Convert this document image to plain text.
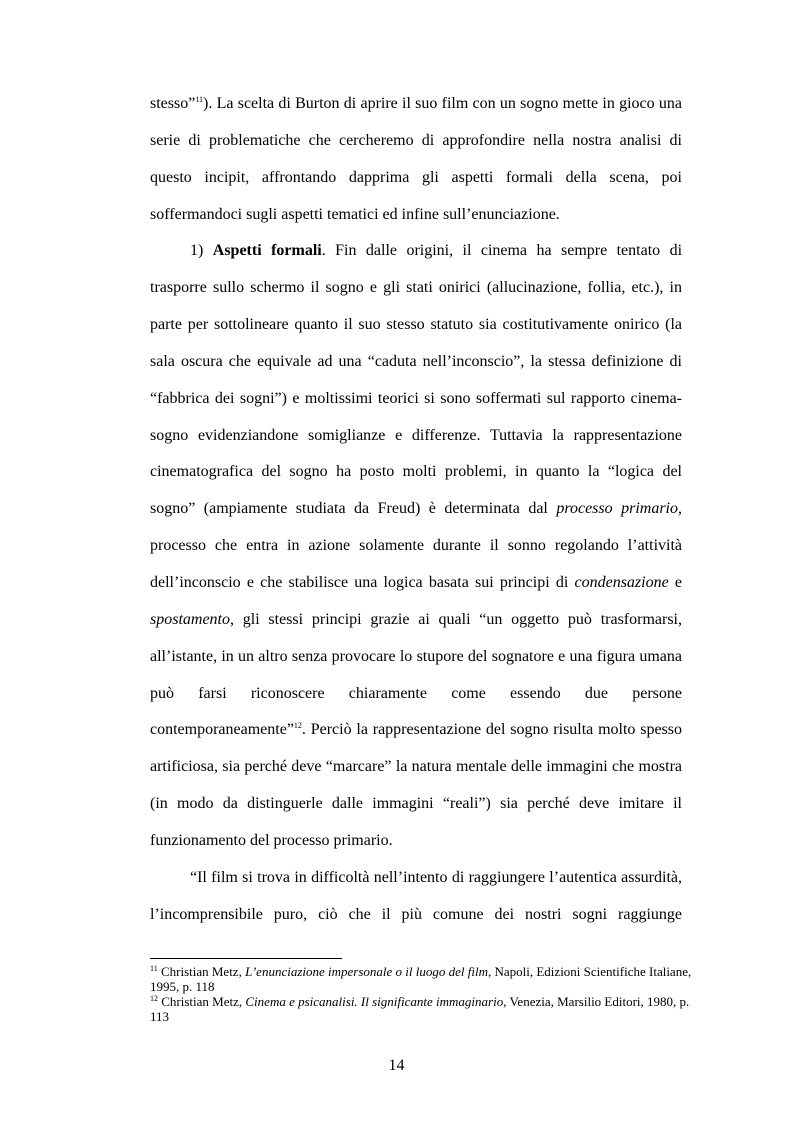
stesso”$^{11}$). La scelta di Burton di aprire il suo film con un sogno mette in gioco una serie di problematiche che cercheremo di approfondire nella nostra analisi di questo incipit, affrontando dapprima gli aspetti formali della scena, poi soffermandoci sugli aspetti tematici ed infine sull’enunciazione.

1) Aspetti formali. Fin dalle origini, il cinema ha sempre tentato di trasporre sullo schermo il sogno e gli stati onirici (allucinazione, follia, etc.), in parte per sottolineare quanto il suo stesso statuto sia costitutivamente onirico (la sala oscura che equivale ad una “caduta nell’inconscio”, la stessa definizione di “fabbrica dei sogni”) e moltissimi teorici si sono soffermati sul rapporto cinema-sogno evidenziandone somiglianze e differenze. Tuttavia la rappresentazione cinematografica del sogno ha posto molti problemi, in quanto la “logica del sogno” (ampiamente studiata da Freud) è determinata dal processo primario, processo che entra in azione solamente durante il sonno regolando l’attività dell’inconscio e che stabilisce una logica basata sui principi di condensazione e spostamento, gli stessi principi grazie ai quali “un oggetto può trasformarsi, all’istante, in un altro senza provocare lo stupore del sognatore e una figura umana può farsi riconoscere chiaramente come essendo due persone contemporaneamente”$^{12}$. Perciò la rappresentazione del sogno risulta molto spesso artificiosa, sia perché deve “marcare” la natura mentale delle immagini che mostra (in modo da distinguerle dalle immagini “reali”) sia perché deve imitare il funzionamento del processo primario.

“Il film si trova in difficoltà nell’intento di raggiungere l’autentica assurdità, l’incomprensibile puro, ciò che il più comune dei nostri sogni raggiunge

$^{11}$ Christian Metz, L’enunciazione impersonale o il luogo del film, Napoli, Edizioni Scientifiche Italiane, 1995, p. 118

$^{12}$ Christian Metz, Cinema e psicanalisi. Il significante immaginario, Venezia, Marsilio Editori, 1980, p. 113

14
